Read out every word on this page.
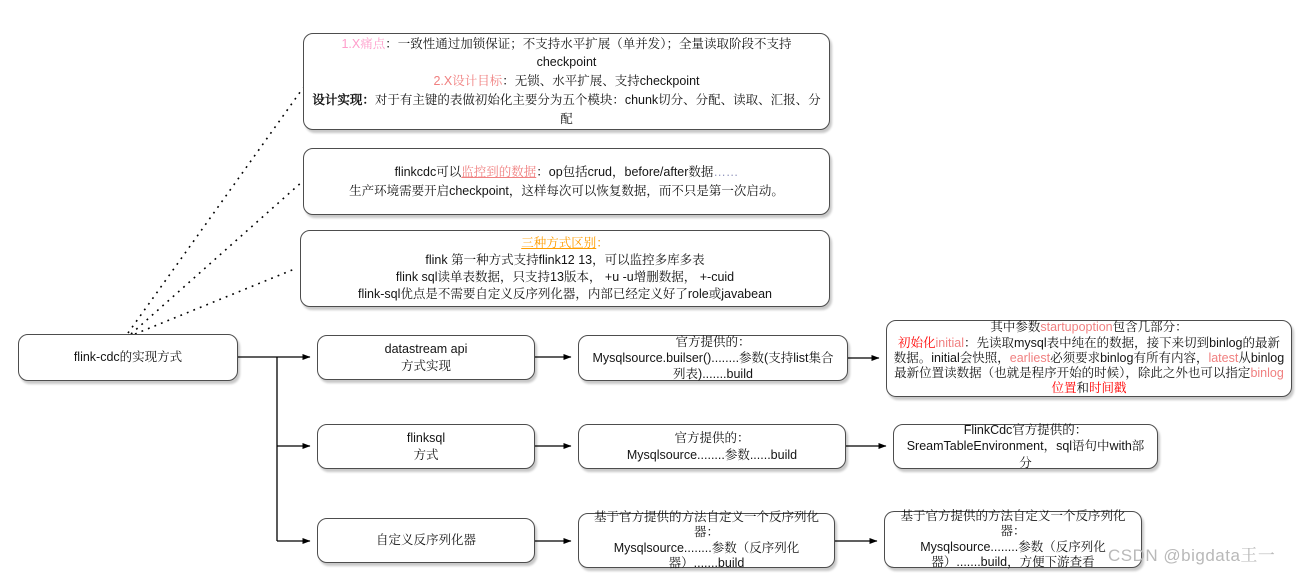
1.X痛点：一致性通过加锁保证；不支持水平扩展（单并发）；全量读取阶段不支持checkpoint
2.X设计目标：无锁、水平扩展、支持checkpoint
设计实现：对于有主键的表做初始化主要分为五个模块：chunk切分、分配、读取、汇报、分配
flinkcdc可以监控到的数据：op包括crud，before/after数据……
生产环境需要开启checkpoint，这样每次可以恢复数据，而不只是第一次启动。
三种方式区别：
flink 第一种方式支持flink12 13，可以监控多库多表
flink sql读单表数据，只支持13版本， +u -u增删数据， +-cuid
flink-sql优点是不需要自定义反序列化器，内部已经定义好了role或javabean
flink-cdc的实现方式
datastream api
方式实现
官方提供的：
Mysqlsource.builser()........参数(支持list集合列表).......build
其中参数startupoption包含几部分：
初始化initial：先读取mysql表中纯在的数据，接下来切到binlog的最新数据。initial会快照，earliest必须要求binlog有所有内容，latest从binlog最新位置读数据（也就是程序开始的时候），除此之外也可以指定binlog位置和时间戳
flinksql
方式
官方提供的：
Mysqlsource........参数......build
FlinkCdc官方提供的：
SreamTableEnvironment，sql语句中with部分
自定义反序列化器
基于官方提供的方法自定义一个反序列化器：
Mysqlsource........参数（反序列化器）.......build
基于官方提供的方法自定义一个反序列化器：
Mysqlsource........参数（反序列化器）.......build，方便下游查看 CSDN @bigdata王一
